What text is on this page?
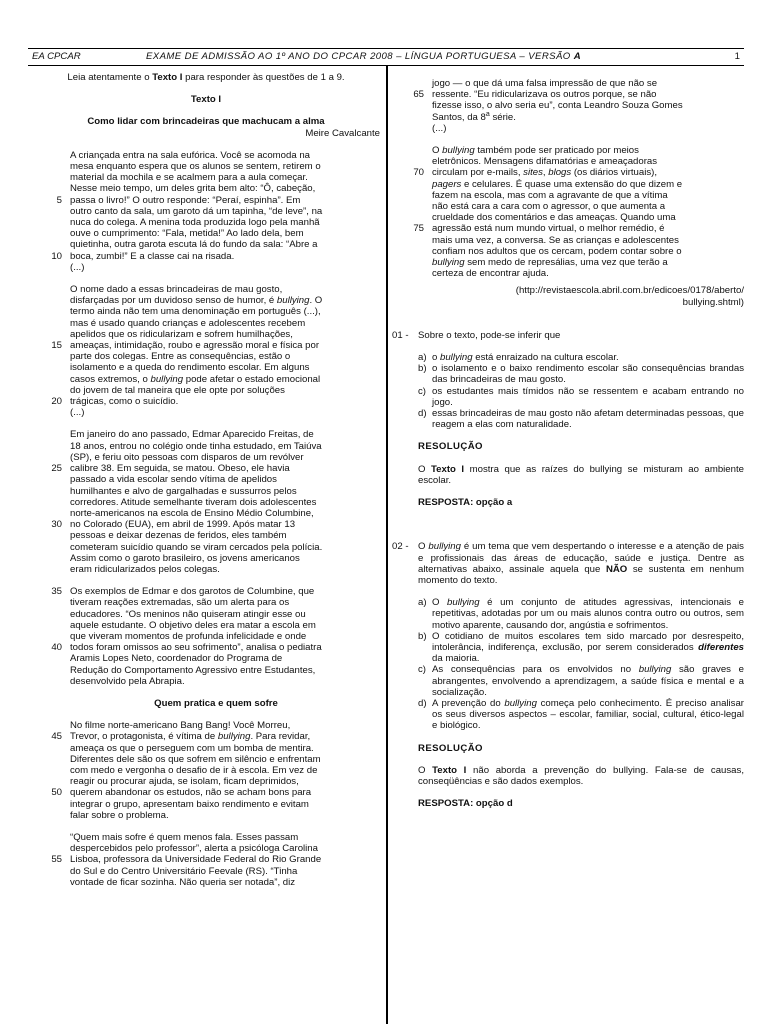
EA CPCAR	EXAME DE ADMISSÃO AO 1º ANO DO CPCAR 2008 – LÍNGUA PORTUGUESA – VERSÃO A	1
Leia atentamente o Texto I para responder às questões de 1 a 9.
Texto I
Como lidar com brincadeiras que machucam a alma
Meire Cavalcante
5
10
A criançada entra na sala eufórica. Você se acomoda na
mesa enquanto espera que os alunos se sentem, retirem o
material da mochila e se acalmem para a aula começar.
Nesse meio tempo, um deles grita bem alto: “Ô, cabeção,
passa o livro!” O outro responde: “Peraí, espinha”. Em
outro canto da sala, um garoto dá um tapinha, “de leve”, na
nuca do colega. A menina toda produzida logo pela manhã
ouve o cumprimento: “Fala, metida!” Ao lado dela, bem
quietinha, outra garota escuta lá do fundo da sala: “Abre a
boca, zumbi!” E a classe cai na risada.
(...)
15
20
O nome dado a essas brincadeiras de mau gosto,
disfarçadas por um duvidoso senso de humor, é bullying. O
termo ainda não tem uma denominação em português (...),
mas é usado quando crianças e adolescentes recebem
apelidos que os ridicularizam e sofrem humilhações,
ameaças, intimidação, roubo e agressão moral e física por
parte dos colegas. Entre as consequências, estão o
isolamento e a queda do rendimento escolar. Em alguns
casos extremos, o bullying pode afetar o estado emocional
do jovem de tal maneira que ele opte por soluções
trágicas, como o suicídio.
(...)
25
30
Em janeiro do ano passado, Edmar Aparecido Freitas, de
18 anos, entrou no colégio onde tinha estudado, em Taiúva
(SP), e feriu oito pessoas com disparos de um revólver
calibre 38. Em seguida, se matou. Obeso, ele havia
passado a vida escolar sendo vítima de apelidos
humilhantes e alvo de gargalhadas e sussurros pelos
corredores. Atitude semelhante tiveram dois adolescentes
norte-americanos na escola de Ensino Médio Columbine,
no Colorado (EUA), em abril de 1999. Após matar 13
pessoas e deixar dezenas de feridos, eles também
cometeram suicídio quando se viram cercados pela polícia.
Assim como o garoto brasileiro, os jovens americanos
eram ridicularizados pelos colegas.
35
40
Os exemplos de Edmar e dos garotos de Columbine, que
tiveram reações extremadas, são um alerta para os
educadores. “Os meninos não quiseram atingir esse ou
aquele estudante. O objetivo deles era matar a escola em
que viveram momentos de profunda infelicidade e onde
todos foram omissos ao seu sofrimento”, analisa o pediatra
Aramis Lopes Neto, coordenador do Programa de
Redução do Comportamento Agressivo entre Estudantes,
desenvolvido pela Abrapia.
Quem pratica e quem sofre
45
50
No filme norte-americano Bang Bang! Você Morreu,
Trevor, o protagonista, é vítima de bullying. Para revidar,
ameaça os que o perseguem com um bomba de mentira.
Diferentes dele são os que sofrem em silêncio e enfrentam
com medo e vergonha o desafio de ir à escola. Em vez de
reagir ou procurar ajuda, se isolam, ficam deprimidos,
querem abandonar os estudos, não se acham bons para
integrar o grupo, apresentam baixo rendimento e evitam
falar sobre o problema.
55
“Quem mais sofre é quem menos fala. Esses passam
despercebidos pelo professor”, alerta a psicóloga Carolina
Lisboa, professora da Universidade Federal do Rio Grande
do Sul e do Centro Universitário Feevale (RS). “Tinha
vontade de ficar sozinha. Não queria ser notada”, diz
65
jogo — o que dá uma falsa impressão de que não se
ressente. “Eu ridicularizava os outros porque, se não
fizesse isso, o alvo seria eu”, conta Leandro Souza Gomes
Santos, da 8$^a$ série.
(...)
70
75
O bullying também pode ser praticado por meios
eletrônicos. Mensagens difamatórias e ameaçadoras
circulam por e-mails, sites, blogs (os diários virtuais),
pagers e celulares. É quase uma extensão do que dizem e
fazem na escola, mas com a agravante de que a vítima
não está cara a cara com o agressor, o que aumenta a
crueldade dos comentários e das ameaças. Quando uma
agressão está num mundo virtual, o melhor remédio, é
mais uma vez, a conversa. Se as crianças e adolescentes
confiam nos adultos que os cercam, podem contar sobre o
bullying sem medo de represálias, uma vez que terão a
certeza de encontrar ajuda.
(http://revistaescola.abril.com.br/edicoes/0178/aberto/
bullying.shtml)
01 - Sobre o texto, pode-se inferir que
a) o bullying está enraizado na cultura escolar.
b) o isolamento e o baixo rendimento escolar são consequências brandas das brincadeiras de mau gosto.
c) os estudantes mais tímidos não se ressentem e acabam entrando no jogo.
d) essas brincadeiras de mau gosto não afetam determinadas pessoas, que reagem a elas com naturalidade.
RESOLUÇÃO
O Texto I mostra que as raízes do bullying se misturam ao ambiente escolar.
RESPOSTA: opção a
02 - O bullying é um tema que vem despertando o interesse e a atenção de pais e profissionais das áreas de educação, saúde e justiça. Dentre as alternativas abaixo, assinale aquela que NÃO se sustenta em nenhum momento do texto.
a) O bullying é um conjunto de atitudes agressivas, intencionais e repetitivas, adotadas por um ou mais alunos contra outro ou outros, sem motivo aparente, causando dor, angústia e sofrimentos.
b) O cotidiano de muitos escolares tem sido marcado por desrespeito, intolerância, indiferença, exclusão, por serem considerados diferentes da maioria.
c) As consequências para os envolvidos no bullying são graves e abrangentes, envolvendo a aprendizagem, a saúde física e mental e a socialização.
d) A prevenção do bullying começa pelo conhecimento. É preciso analisar os seus diversos aspectos – escolar, familiar, social, cultural, ético-legal e biológico.
RESOLUÇÃO
O Texto I não aborda a prevenção do bullying. Fala-se de causas, conseqüências e são dados exemplos.
RESPOSTA: opção d
